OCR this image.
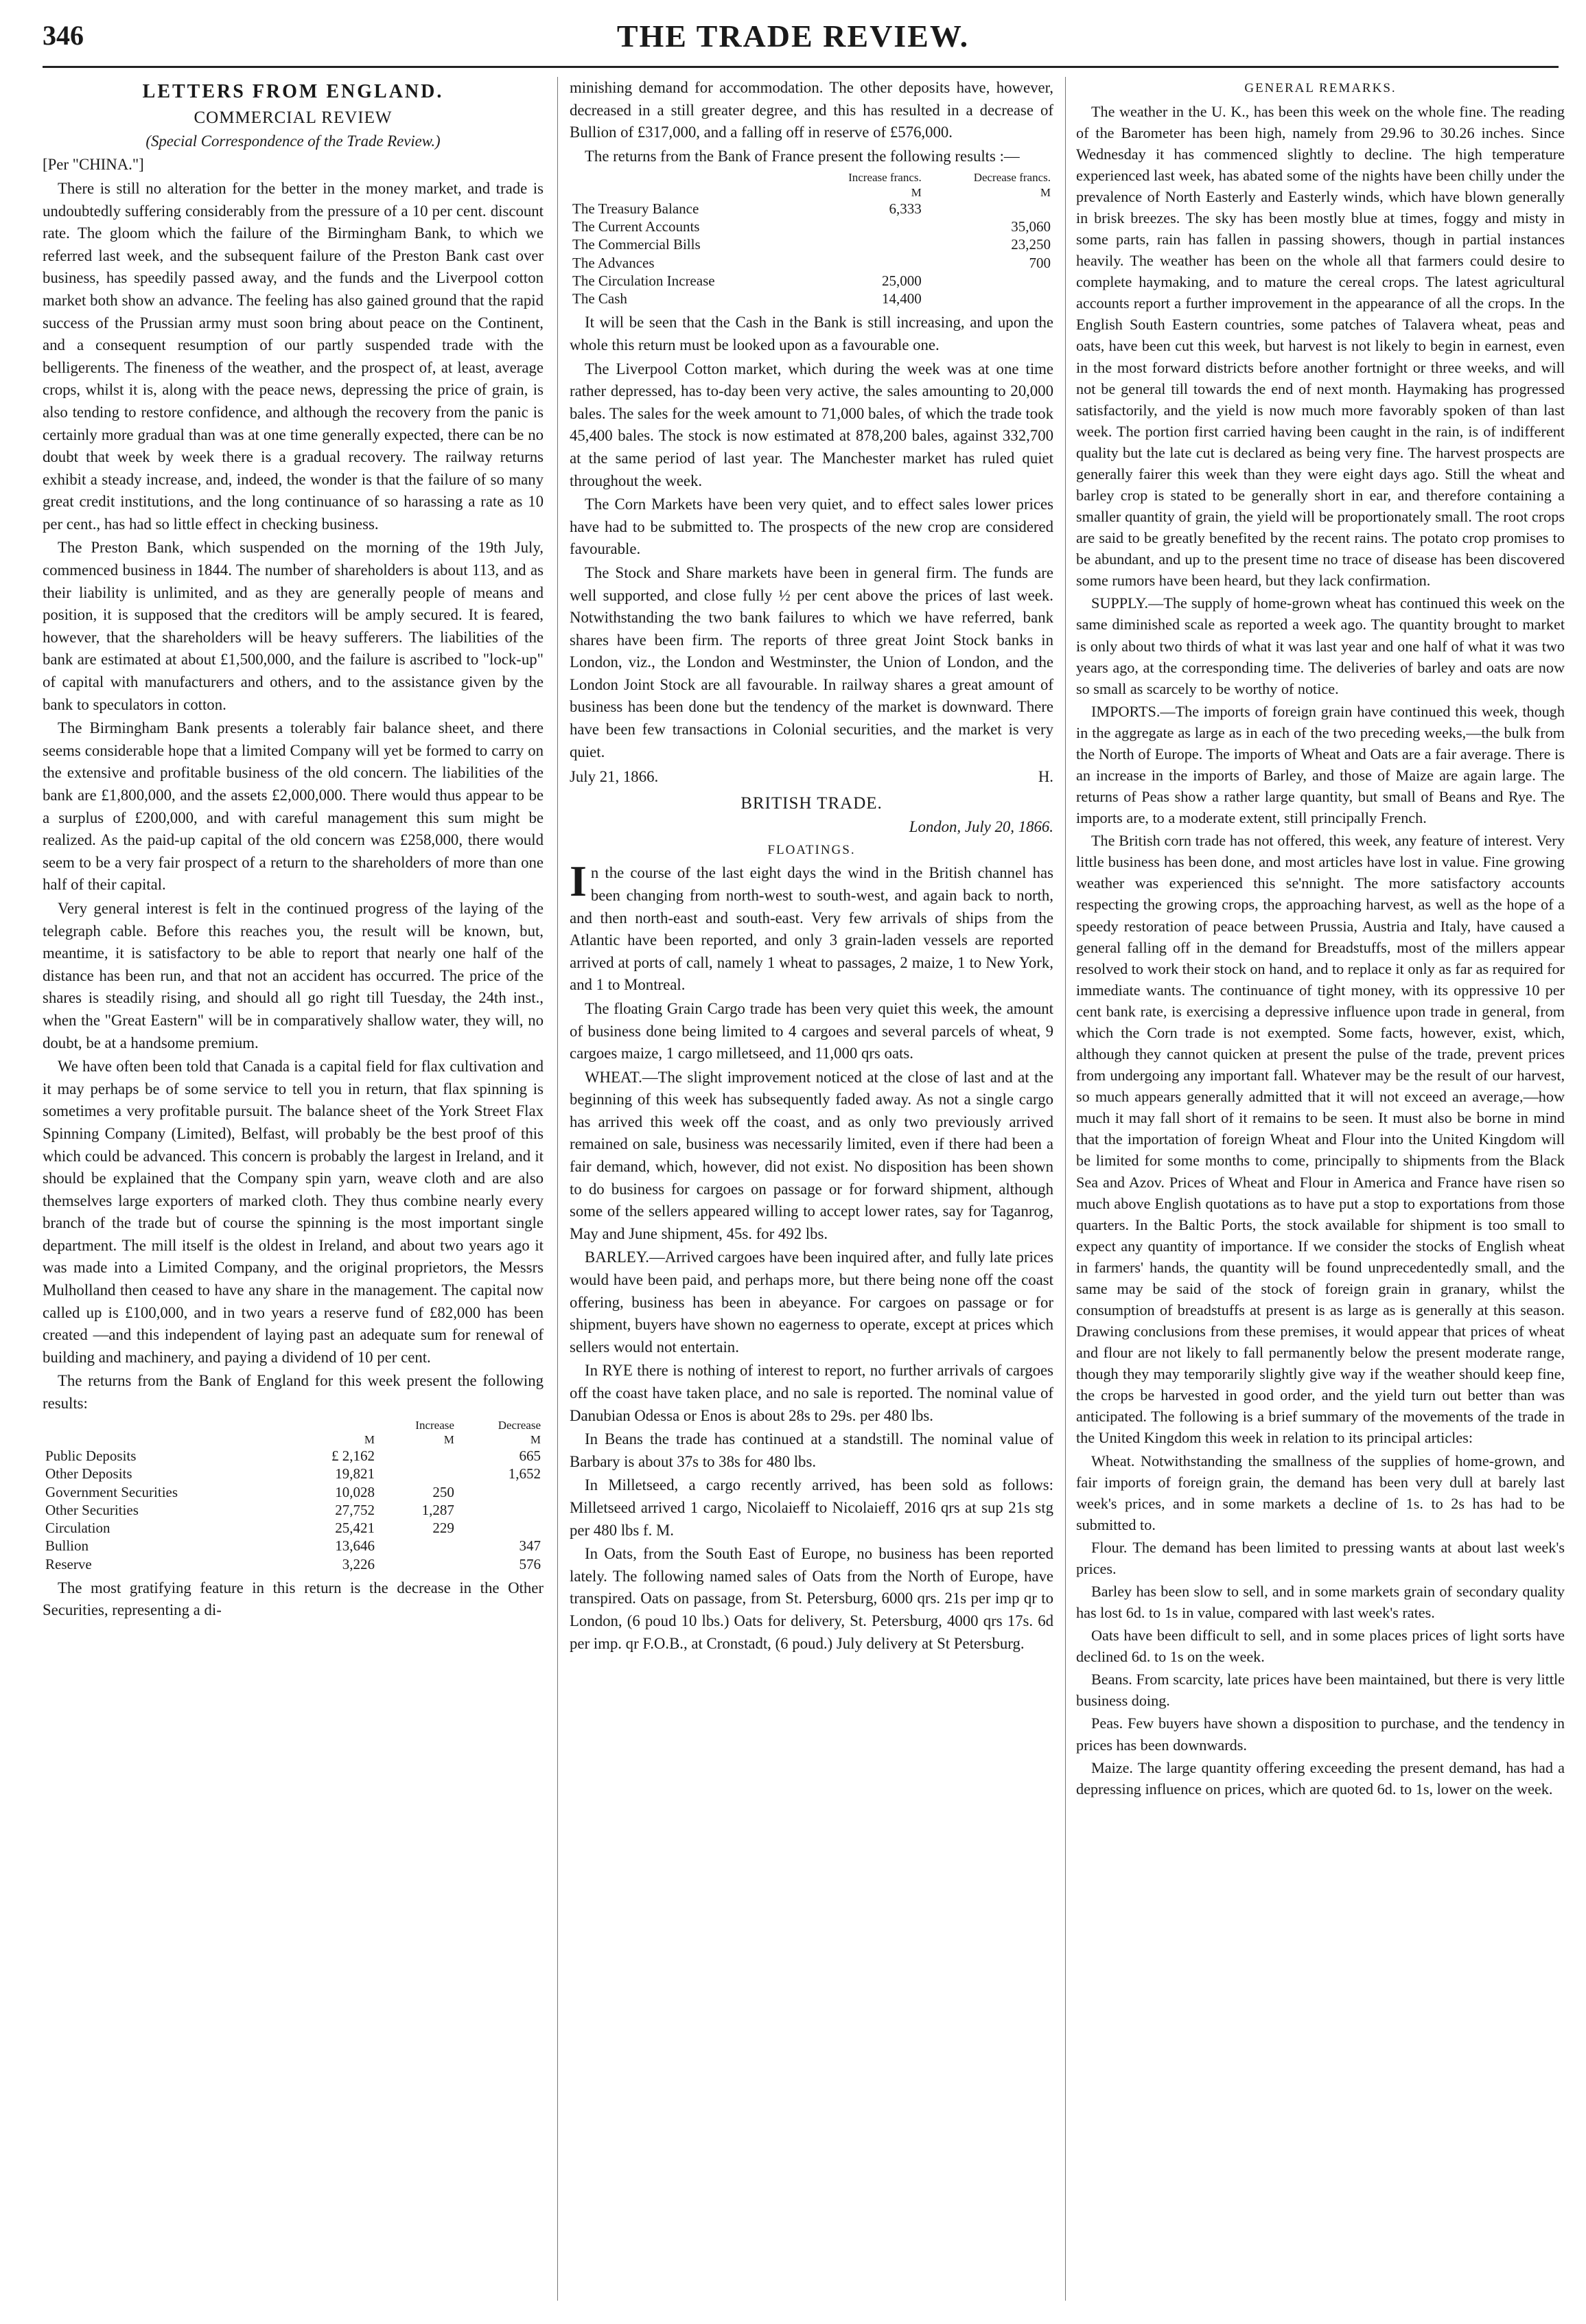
346	THE TRADE REVIEW.
LETTERS FROM ENGLAND.
COMMERCIAL REVIEW

(Special Correspondence of the Trade Review.)

[Per "CHINA."]

There is still no alteration for the better in the money market, and trade is undoubtedly suffering considerably from the pressure of a 10 per cent. discount rate. The gloom which the failure of the Birmingham Bank, to which we referred last week, and the subsequent failure of the Preston Bank cast over business, has speedily passed away, and the funds and the Liverpool cotton market both show an advance. The feeling has also gained ground that the rapid success of the Prussian army must soon bring about peace on the Continent, and a consequent resumption of our partly suspended trade with the belligerents. The fineness of the weather, and the prospect of, at least, average crops, whilst it is, along with the peace news, depressing the price of grain, is also tending to restore confidence, and although the recovery from the panic is certainly more gradual than was at one time generally expected, there can be no doubt that week by week there is a gradual recovery. The railway returns exhibit a steady increase, and, indeed, the wonder is that the failure of so many great credit institutions, and the long continuance of so harassing a rate as 10 per cent., has had so little effect in checking business.

The Preston Bank, which suspended on the morning of the 19th July, commenced business in 1844. The number of shareholders is about 113, and as their liability is unlimited, and as they are generally people of means and position, it is supposed that the creditors will be amply secured. It is feared, however, that the shareholders will be heavy sufferers. The liabilities of the bank are estimated at about £1,500,000, and the failure is ascribed to "lock-up" of capital with manufacturers and others, and to the assistance given by the bank to speculators in cotton.

The Birmingham Bank presents a tolerably fair balance sheet, and there seems considerable hope that a limited Company will yet be formed to carry on the extensive and profitable business of the old concern. The liabilities of the bank are £1,800,000, and the assets £2,000,000. There would thus appear to be a surplus of £200,000, and with careful management this sum might be realized. As the paid-up capital of the old concern was £258,000, there would seem to be a very fair prospect of a return to the shareholders of more than one half of their capital.

Very general interest is felt in the continued progress of the laying of the telegraph cable. Before this reaches you, the result will be known, but, meantime, it is satisfactory to be able to report that nearly one half of the distance has been run, and that not an accident has occurred. The price of the shares is steadily rising, and should all go right till Tuesday, the 24th inst., when the "Great Eastern" will be in comparatively shallow water, they will, no doubt, be at a handsome premium.

We have often been told that Canada is a capital field for flax cultivation and it may perhaps be of some service to tell you in return, that flax spinning is sometimes a very profitable pursuit. The balance sheet of the York Street Flax Spinning Company (Limited), Belfast, will probably be the best proof of this which could be advanced. This concern is probably the largest in Ireland, and it should be explained that the Company spin yarn, weave cloth and are also themselves large exporters of marked cloth. They thus combine nearly every branch of the trade but of course the spinning is the most important single department. The mill itself is the oldest in Ireland, and about two years ago it was made into a Limited Company, and the original proprietors, the Messrs Mulholland then ceased to have any share in the management. The capital now called up is £100,000, and in two years a reserve fund of £82,000 has been created —and this independent of laying past an adequate sum for renewal of building and machinery, and paying a dividend of 10 per cent.

The returns from the Bank of England for this week present the following results:

		Increase	Decrease
	M	M	M
Public Deposits	£ 2,162		665
Other Deposits	19,821		1,652
Government Securities	10,028	250	
Other Securities	27,752	1,287	
Circulation	25,421	229	
Bullion	13,646		347
Reserve	3,226		576

The most gratifying feature in this return is the decrease in the Other Securities, representing a di-

minishing demand for accommodation. The other deposits have, however, decreased in a still greater degree, and this has resulted in a decrease of Bullion of £317,000, and a falling off in reserve of £576,000.

The returns from the Bank of France present the following results :—

	Increase francs.	Decrease francs.
	M	M
The Treasury Balance	6,333	
The Current Accounts		35,060
The Commercial Bills		23,250
The Advances		700
The Circulation Increase	25,000	
The Cash	14,400	

It will be seen that the Cash in the Bank is still increasing, and upon the whole this return must be looked upon as a favourable one.

The Liverpool Cotton market, which during the week was at one time rather depressed, has to-day been very active, the sales amounting to 20,000 bales. The sales for the week amount to 71,000 bales, of which the trade took 45,400 bales. The stock is now estimated at 878,200 bales, against 332,700 at the same period of last year. The Manchester market has ruled quiet throughout the week.

The Corn Markets have been very quiet, and to effect sales lower prices have had to be submitted to. The prospects of the new crop are considered favourable.

The Stock and Share markets have been in general firm. The funds are well supported, and close fully ½ per cent above the prices of last week. Notwithstanding the two bank failures to which we have referred, bank shares have been firm. The reports of three great Joint Stock banks in London, viz., the London and Westminster, the Union of London, and the London Joint Stock are all favourable. In railway shares a great amount of business has been done but the tendency of the market is downward. There have been few transactions in Colonial securities, and the market is very quiet.

July 21, 1866.	H.
BRITISH TRADE.

London, July 20, 1866.

FLOATINGS.

In the course of the last eight days the wind in the British channel has been changing from north-west to south-west, and again back to north, and then north-east and south-east. Very few arrivals of ships from the Atlantic have been reported, and only 3 grain-laden vessels are reported arrived at ports of call, namely 1 wheat to passages, 2 maize, 1 to New York, and 1 to Montreal.

The floating Grain Cargo trade has been very quiet this week, the amount of business done being limited to 4 cargoes and several parcels of wheat, 9 cargoes maize, 1 cargo milletseed, and 11,000 qrs oats.

WHEAT.—The slight improvement noticed at the close of last and at the beginning of this week has subsequently faded away. As not a single cargo has arrived this week off the coast, and as only two previously arrived remained on sale, business was necessarily limited, even if there had been a fair demand, which, however, did not exist. No disposition has been shown to do business for cargoes on passage or for forward shipment, although some of the sellers appeared willing to accept lower rates, say for Taganrog, May and June shipment, 45s. for 492 lbs.

BARLEY.—Arrived cargoes have been inquired after, and fully late prices would have been paid, and perhaps more, but there being none off the coast offering, business has been in abeyance. For cargoes on passage or for shipment, buyers have shown no eagerness to operate, except at prices which sellers would not entertain.

In RYE there is nothing of interest to report, no further arrivals of cargoes off the coast have taken place, and no sale is reported. The nominal value of Danubian Odessa or Enos is about 28s to 29s. per 480 lbs.

In Beans the trade has continued at a standstill. The nominal value of Barbary is about 37s to 38s for 480 lbs.

In Milletseed, a cargo recently arrived, has been sold as follows: Milletseed arrived 1 cargo, Nicolaieff to Nicolaieff, 2016 qrs at sup 21s stg per 480 lbs f. M.

In Oats, from the South East of Europe, no business has been reported lately. The following named sales of Oats from the North of Europe, have transpired. Oats on passage, from St. Petersburg, 6000 qrs. 21s per imp qr to London, (6 poud 10 lbs.) Oats for delivery, St. Petersburg, 4000 qrs 17s. 6d per imp. qr F.O.B., at Cronstadt, (6 poud.) July delivery at St Petersburg.

GENERAL REMARKS.

The weather in the U. K., has been this week on the whole fine. The reading of the Barometer has been high, namely from 29.96 to 30.26 inches. Since Wednesday it has commenced slightly to decline. The high temperature experienced last week, has abated some of the nights have been chilly under the prevalence of North Easterly and Easterly winds, which have blown generally in brisk breezes. The sky has been mostly blue at times, foggy and misty in some parts, rain has fallen in passing showers, though in partial instances heavily. The weather has been on the whole all that farmers could desire to complete haymaking, and to mature the cereal crops. The latest agricultural accounts report a further improvement in the appearance of all the crops. In the English South Eastern countries, some patches of Talavera wheat, peas and oats, have been cut this week, but harvest is not likely to begin in earnest, even in the most forward districts before another fortnight or three weeks, and will not be general till towards the end of next month. Haymaking has progressed satisfactorily, and the yield is now much more favorably spoken of than last week. The portion first carried having been caught in the rain, is of indifferent quality but the late cut is declared as being very fine. The harvest prospects are generally fairer this week than they were eight days ago. Still the wheat and barley crop is stated to be generally short in ear, and therefore containing a smaller quantity of grain, the yield will be proportionately small. The root crops are said to be greatly benefited by the recent rains. The potato crop promises to be abundant, and up to the present time no trace of disease has been discovered some rumors have been heard, but they lack confirmation.

SUPPLY.—The supply of home-grown wheat has continued this week on the same diminished scale as reported a week ago. The quantity brought to market is only about two thirds of what it was last year and one half of what it was two years ago, at the corresponding time. The deliveries of barley and oats are now so small as scarcely to be worthy of notice.

IMPORTS.—The imports of foreign grain have continued this week, though in the aggregate as large as in each of the two preceding weeks,—the bulk from the North of Europe. The imports of Wheat and Oats are a fair average. There is an increase in the imports of Barley, and those of Maize are again large. The returns of Peas show a rather large quantity, but small of Beans and Rye. The imports are, to a moderate extent, still principally French.

The British corn trade has not offered, this week, any feature of interest. Very little business has been done, and most articles have lost in value. Fine growing weather was experienced this se'nnight. The more satisfactory accounts respecting the growing crops, the approaching harvest, as well as the hope of a speedy restoration of peace between Prussia, Austria and Italy, have caused a general falling off in the demand for Breadstuffs, most of the millers appear resolved to work their stock on hand, and to replace it only as far as required for immediate wants. The continuance of tight money, with its oppressive 10 per cent bank rate, is exercising a depressive influence upon trade in general, from which the Corn trade is not exempted. Some facts, however, exist, which, although they cannot quicken at present the pulse of the trade, prevent prices from undergoing any important fall. Whatever may be the result of our harvest, so much appears generally admitted that it will not exceed an average,—how much it may fall short of it remains to be seen. It must also be borne in mind that the importation of foreign Wheat and Flour into the United Kingdom will be limited for some months to come, principally to shipments from the Black Sea and Azov. Prices of Wheat and Flour in America and France have risen so much above English quotations as to have put a stop to exportations from those quarters. In the Baltic Ports, the stock available for shipment is too small to expect any quantity of importance. If we consider the stocks of English wheat in farmers' hands, the quantity will be found unprecedentedly small, and the same may be said of the stock of foreign grain in granary, whilst the consumption of breadstuffs at present is as large as is generally at this season. Drawing conclusions from these premises, it would appear that prices of wheat and flour are not likely to fall permanently below the present moderate range, though they may temporarily slightly give way if the weather should keep fine, the crops be harvested in good order, and the yield turn out better than was anticipated. The following is a brief summary of the movements of the trade in the United Kingdom this week in relation to its principal articles:

Wheat. Notwithstanding the smallness of the supplies of home-grown, and fair imports of foreign grain, the demand has been very dull at barely last week's prices, and in some markets a decline of 1s. to 2s has had to be submitted to.

Flour. The demand has been limited to pressing wants at about last week's prices.

Barley has been slow to sell, and in some markets grain of secondary quality has lost 6d. to 1s in value, compared with last week's rates.

Oats have been difficult to sell, and in some places prices of light sorts have declined 6d. to 1s on the week.

Beans. From scarcity, late prices have been maintained, but there is very little business doing.

Peas. Few buyers have shown a disposition to purchase, and the tendency in prices has been downwards.

Maize. The large quantity offering exceeding the present demand, has had a depressing influence on prices, which are quoted 6d. to 1s, lower on the week.
